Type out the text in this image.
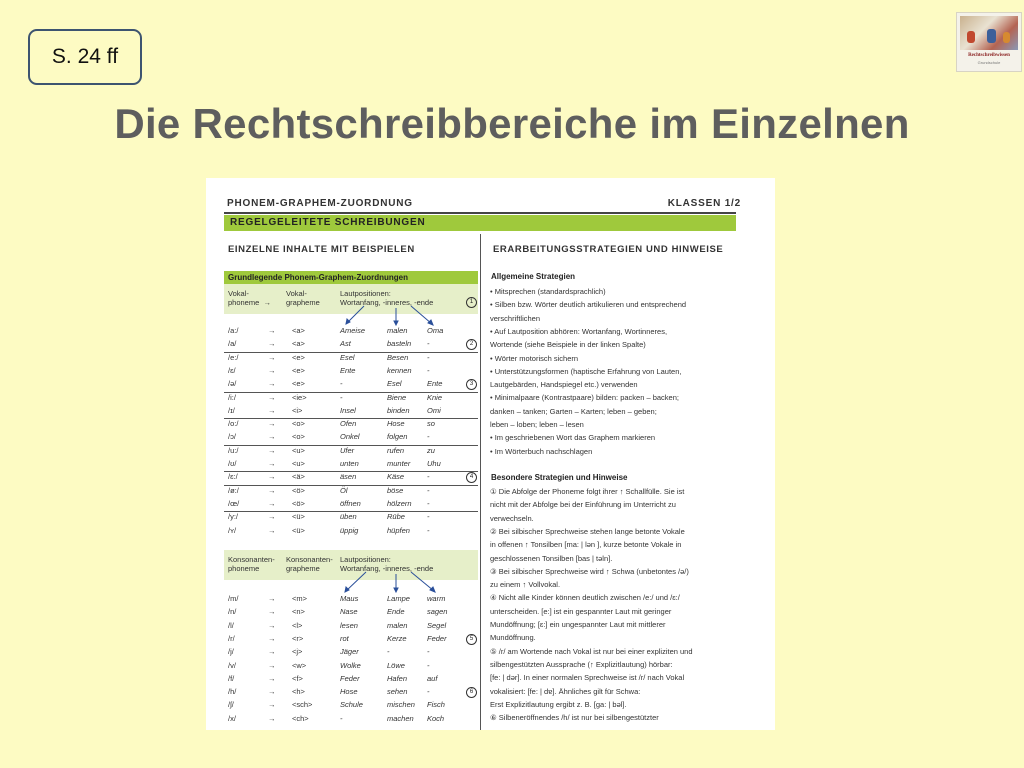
S. 24 ff	Rechtschreibwissen
Grundschule
Die Rechtschreibbereiche im Einzelnen
PHONEM-GRAPHEM-ZUORDNUNG	KLASSEN 1/2
REGELGELEITETE SCHREIBUNGEN
EINZELNE INHALTE MIT BEISPIELEN	ERARBEITUNGSSTRATEGIEN UND HINWEISE
Grundlegende Phonem-Graphem-Zuordnungen
Vokal-
phoneme  →
Vokal-
grapheme
Lautpositionen:
Wortanfang, -inneres, -ende	1
/a:/	→ <a>	Ameise	malen	Oma
/a/	→ <a>	Ast	basteln -
/e:/	→ <e>	Esel	Besen -
/ɛ/	→ <e>	Ente	kennen -
/ə/	→ <e>	-	Esel	Ente
/i:/	→ <ie>	-	Biene	Knie
/ɪ/	→ <i>	Insel	binden Omi
/o:/	→ <o>	Ofen	Hose	so
/ɔ/	→ <o>	Onkel	folgen	-
/u:/	→ <u>	Ufer	rufen	zu
/ʊ/	→ <u>	unten	munter Uhu
/ɛ:/	→ <ä>	äsen	Käse	-
/ø:/	→ <ö>	Öl	böse	-
/œ/	→ <ö>	öffnen	hölzern -
/y:/	→ <ü>	üben	Rübe	-
/ʏ/	→ <ü>	üppig	hüpfen -
2
3
4
Konsonanten-
phoneme
Konsonanten-
grapheme
Lautpositionen:
Wortanfang, -inneres, -ende
/m/	→ <m>	Maus	Lampe warm
/n/	→ <n>	Nase	Ende	sagen
/l/	→ <l>	lesen	malen	Segel
/r/	→ <r>	rot	Kerze	Feder
/j/	→ <j>	Jäger	-	-
/v/	→ <w>	Wolke	Löwe	-
/f/	→ <f>	Feder	Hafen	auf
/h/	→ <h>	Hose	sehen	-
/ʃ/	→ <sch>	Schule	mischen Fisch
/x/	→ <ch>	-	machen Koch
5
6
Allgemeine Strategien
• Mitsprechen (standardsprachlich)
• Silben bzw. Wörter deutlich artikulieren und entsprechend
verschriftlichen
• Auf Lautposition abhören: Wortanfang, Wortinneres,
Wortende (siehe Beispiele in der linken Spalte)
• Wörter motorisch sichern
• Unterstützungsformen (haptische Erfahrung von Lauten,
Lautgebärden, Handspiegel etc.) verwenden
• Minimalpaare (Kontrastpaare) bilden: packen – backen;
danken – tanken; Garten – Karten; leben – geben;
leben – loben; leben – lesen
• Im geschriebenen Wort das Graphem markieren
• Im Wörterbuch nachschlagen
Besondere Strategien und Hinweise
① Die Abfolge der Phoneme folgt ihrer ↑ Schallfülle. Sie ist
nicht mit der Abfolge bei der Einführung im Unterricht zu
verwechseln.
② Bei silbischer Sprechweise stehen lange betonte Vokale
in offenen ↑ Tonsilben [ma: | lən ], kurze betonte Vokale in
geschlossenen Tonsilben [bas | təln].
③ Bei silbischer Sprechweise wird ↑ Schwa (unbetontes /ə/)
zu einem ↑ Vollvokal.
④ Nicht alle Kinder können deutlich zwischen /e:/ und /ɛ:/
unterscheiden. [e:] ist ein gespannter Laut mit geringer
Mundöffnung; [ɛ:] ein ungespannter Laut mit mittlerer
Mundöffnung.
⑤ /r/ am Wortende nach Vokal ist nur bei einer expliziten und
silbengestützten Aussprache (↑ Explizitlautung) hörbar:
[fe: | dər]. In einer normalen Sprechweise ist /r/ nach Vokal
vokalisiert: [fe: | dɐ]. Ähnliches gilt für Schwa:
Erst Explizitlautung ergibt z. B. [ga: | bəl].
⑥ Silbeneröffnendes /h/ ist nur bei silbengestützter
